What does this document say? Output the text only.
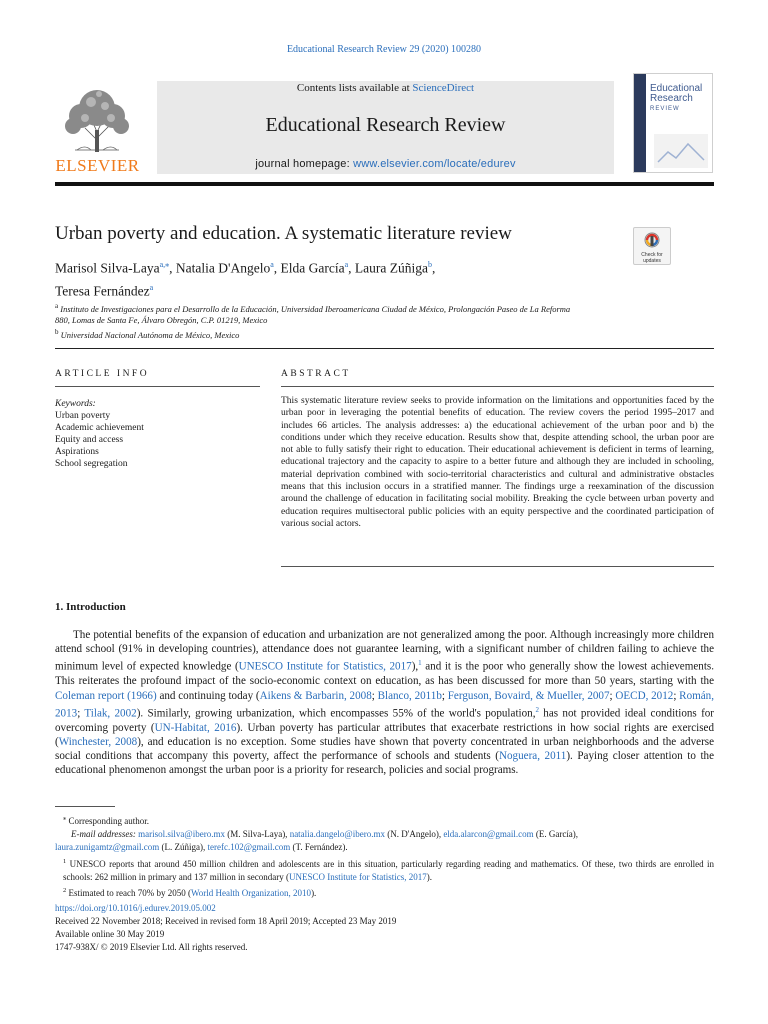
Educational Research Review 29 (2020) 100280
ELSEVIER
Contents lists available at ScienceDirect
Educational Research Review
journal homepage: www.elsevier.com/locate/edurev
Educational
Research
REVIEW
Urban poverty and education. A systematic literature review
Check for updates
Marisol Silva-Laya$^{a,⁎}$, Natalia D'Angelo$^a$, Elda García$^a$, Laura Zúñiga$^b$,
Teresa Fernández$^a$
$^a$ Instituto de Investigaciones para el Desarrollo de la Educación, Universidad Iberoamericana Ciudad de México, Prolongación Paseo de La Reforma
880, Lomas de Santa Fe, Álvaro Obregón, C.P. 01219, Mexico
$^b$ Universidad Nacional Autónoma de México, Mexico
ARTICLE INFO	ABSTRACT
Keywords:
Urban poverty
Academic achievement
Equity and access
Aspirations
School segregation
This systematic literature review seeks to provide information on the limitations and opportunities faced by the urban poor in leveraging the potential benefits of education. The review covers the period 1995–2017 and includes 66 articles. The analysis addresses: a) the educational achievement of the urban poor and b) the conditions under which they receive education. Results show that, despite attending school, the urban poor are not able to fully satisfy their right to education. Their educational achievement is deficient in terms of learning, educational trajectory and the capacity to aspire to a better future and although they are included in schooling, material deprivation combined with socio-territorial characteristics and cultural and administrative obstacles means that this inclusion occurs in a stratified manner. The findings urge a reexamination of the discussion around the challenge of education in facilitating social mobility. Breaking the cycle between urban poverty and education requires multisectoral public policies with an equity perspective and the coordinated participation of various social actors.
1. Introduction
The potential benefits of the expansion of education and urbanization are not generalized among the poor. Although increasingly more children attend school (91% in developing countries), attendance does not guarantee learning, with a significant number of children failing to achieve the minimum level of expected knowledge (UNESCO Institute for Statistics, 2017),$^1$ and it is the poor who generally show the lowest achievements. This reiterates the profound impact of the socio-economic context on education, as has been discussed for more than 50 years, starting with the Coleman report (1966) and continuing today (Aikens & Barbarin, 2008; Blanco, 2011b; Ferguson, Bovaird, & Mueller, 2007; OECD, 2012; Román, 2013; Tilak, 2002). Similarly, growing urbanization, which encompasses 55% of the world's population,$^2$ has not provided ideal conditions for overcoming poverty (UN-Habitat, 2016). Urban poverty has particular attributes that exacerbate restrictions in how social rights are exercised (Winchester, 2008), and education is no exception. Some studies have shown that poverty concentrated in urban neighborhoods and the adverse social conditions that accompany this poverty, affect the performance of schools and students (Noguera, 2011). Paying closer attention to the educational phenomenon amongst the urban poor is a priority for research, policies and social programs.
⁎ Corresponding author.
E-mail addresses: marisol.silva@ibero.mx (M. Silva-Laya), natalia.dangelo@ibero.mx (N. D'Angelo), elda.alarcon@gmail.com (E. García),
laura.zunigamtz@gmail.com (L. Zúñiga), terefc.102@gmail.com (T. Fernández).
$^1$ UNESCO reports that around 450 million children and adolescents are in this situation, particularly regarding reading and mathematics. Of these, two thirds are enrolled in schools: 262 million in primary and 137 million in secondary (UNESCO Institute for Statistics, 2017).
$^2$ Estimated to reach 70% by 2050 (World Health Organization, 2010).
https://doi.org/10.1016/j.edurev.2019.05.002
Received 22 November 2018; Received in revised form 18 April 2019; Accepted 23 May 2019
Available online 30 May 2019
1747-938X/ © 2019 Elsevier Ltd. All rights reserved.
